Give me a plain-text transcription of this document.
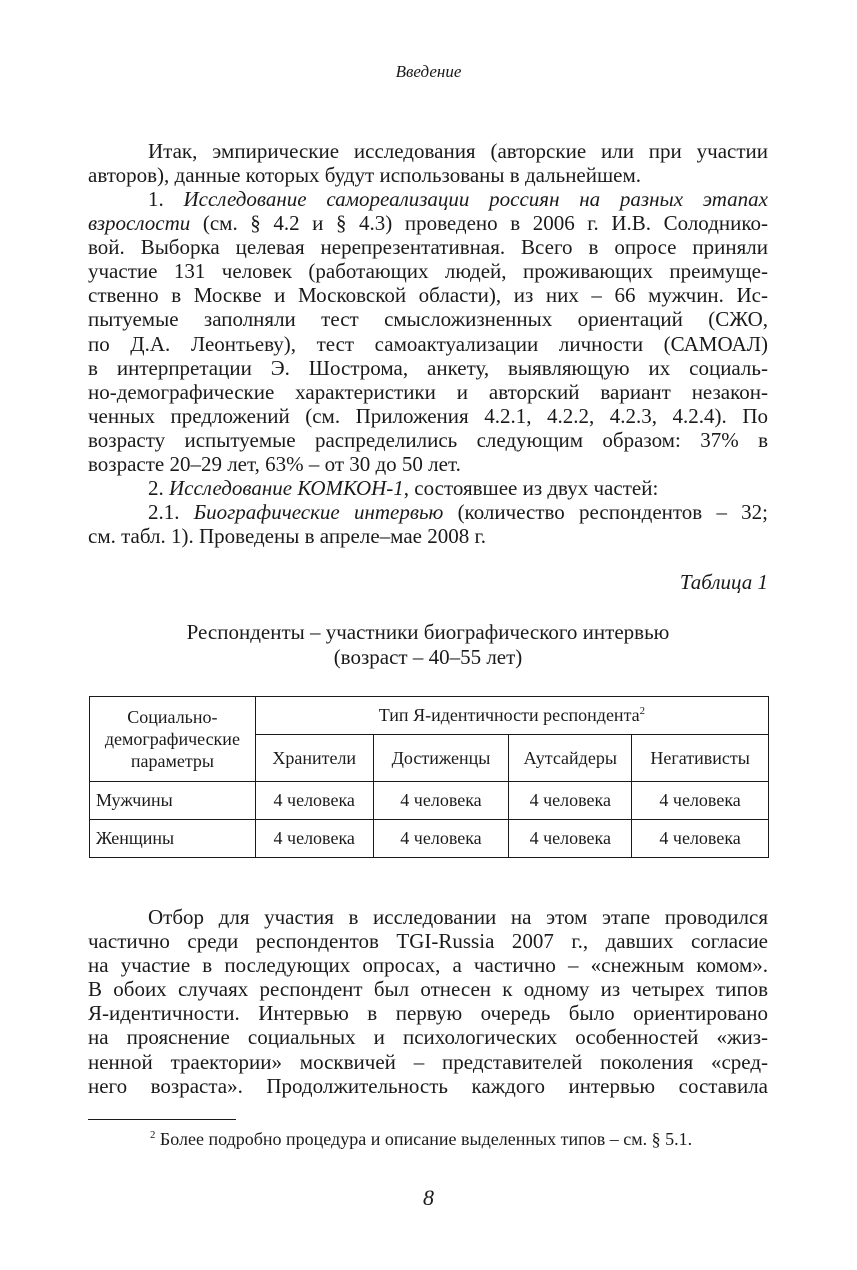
Введение
Итак, эмпирические исследования (авторские или при участии
авторов), данные которых будут использованы в дальнейшем.
1. Исследование самореализации россиян на разных этапах
взрослости (см. § 4.2 и § 4.3) проведено в 2006 г. И.В. Солоднико-
вой. Выборка целевая нерепрезентативная. Всего в опросе приняли
участие 131 человек (работающих людей, проживающих преимуще-
ственно в Москве и Московской области), из них – 66 мужчин. Ис-
пытуемые заполняли тест смысложизненных ориентаций (СЖО,
по Д.А. Леонтьеву), тест самоактуализации личности (САМОАЛ)
в интерпретации Э. Шострома, анкету, выявляющую их социаль-
но-демографические характеристики и авторский вариант незакон-
ченных предложений (см. Приложения 4.2.1, 4.2.2, 4.2.3, 4.2.4). По
возрасту испытуемые распределились следующим образом: 37% в
возрасте 20–29 лет, 63% – от 30 до 50 лет.
2. Исследование КОМКОН-1, состоявшее из двух частей:
2.1. Биографические интервью (количество респондентов – 32;
см. табл. 1). Проведены в апреле–мае 2008 г.
Таблица 1
Респонденты – участники биографического интервью
(возраст – 40–55 лет)
Социально-
демографические
параметры	Тип Я-идентичности респондента$^2$
	Хранители	Достиженцы	Аутсайдеры	Негативисты
Мужчины	4 человека	4 человека	4 человека	4 человека
Женщины	4 человека	4 человека	4 человека	4 человека
Отбор для участия в исследовании на этом этапе проводился
частично среди респондентов TGI-Russia 2007 г., давших согласие
на участие в последующих опросах, а частично – «снежным комом».
В обоих случаях респондент был отнесен к одному из четырех типов
Я-идентичности. Интервью в первую очередь было ориентировано
на прояснение социальных и психологических особенностей «жиз-
ненной траектории» москвичей – представителей поколения «сред-
него возраста». Продолжительность каждого интервью составила
$^2$ Более подробно процедура и описание выделенных типов – см. § 5.1.
8
